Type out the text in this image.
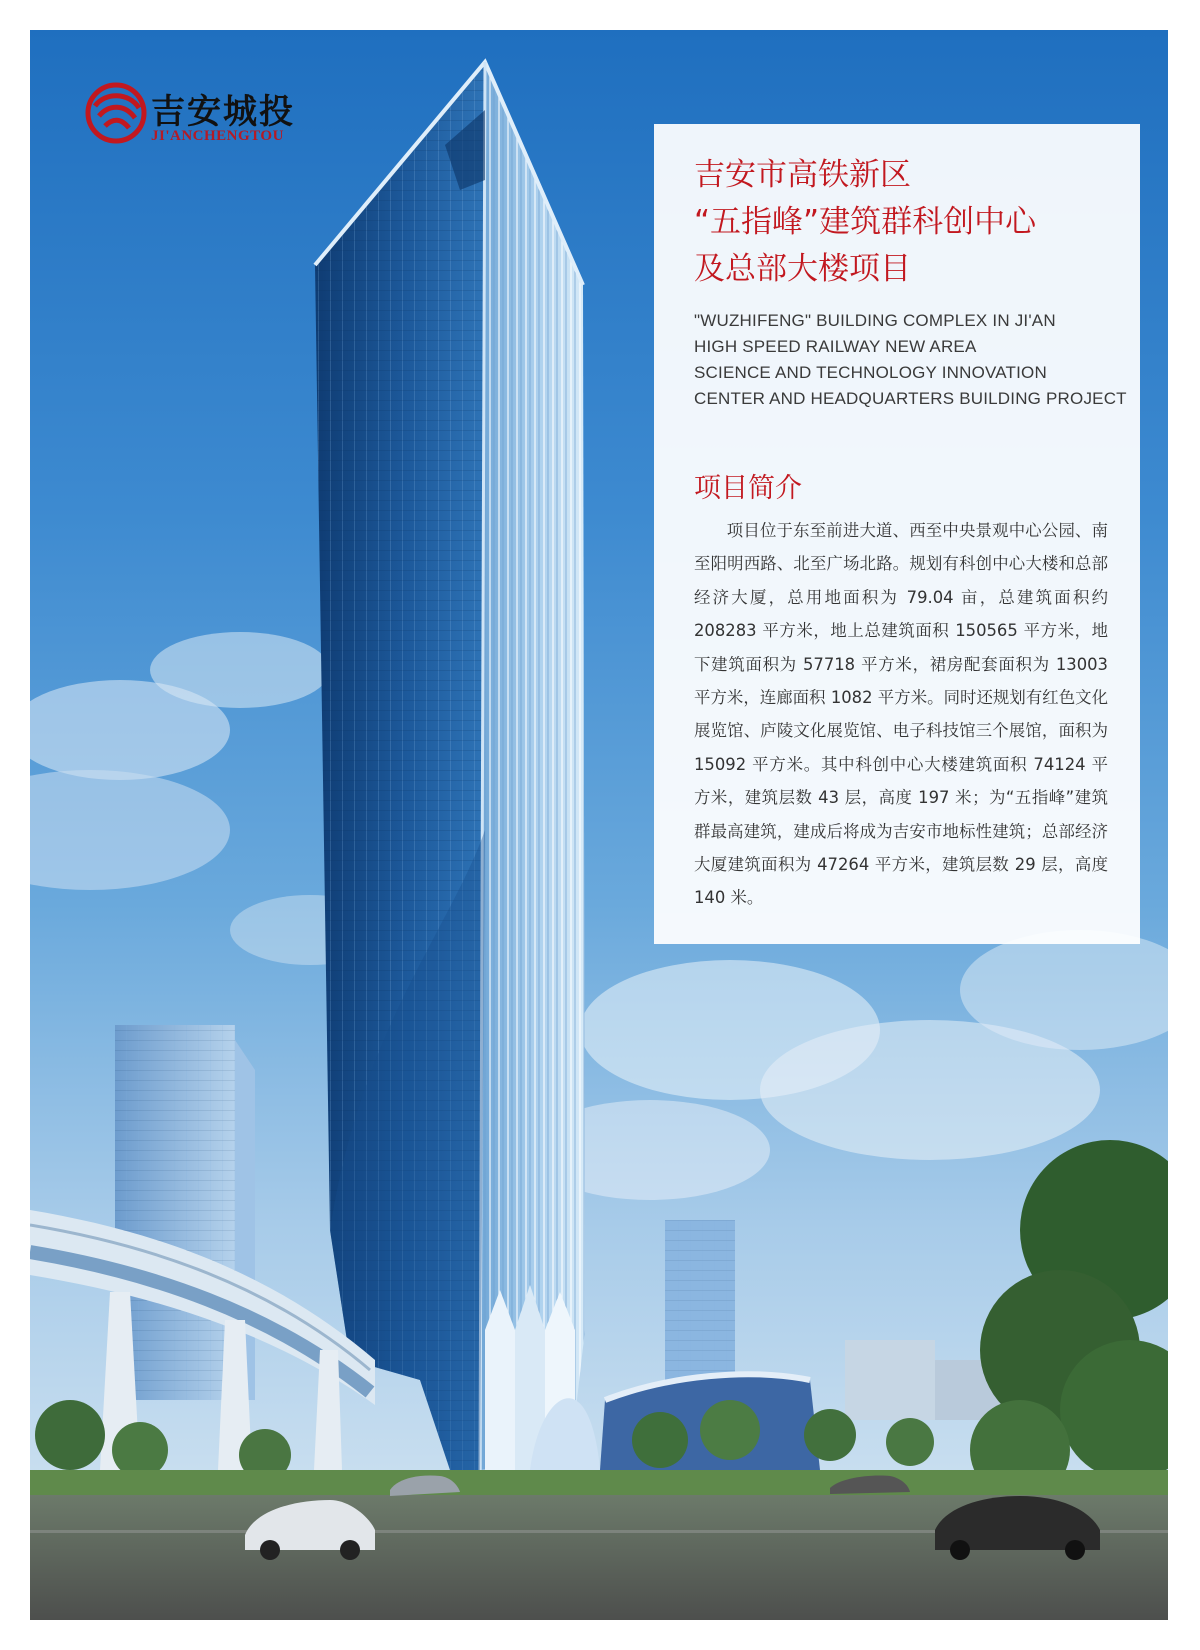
吉安城投
JI'ANCHENGTOU
吉安市高铁新区
“五指峰”建筑群科创中心
及总部大楼项目
"WUZHIFENG" BUILDING COMPLEX IN JI'AN
HIGH SPEED RAILWAY NEW AREA
SCIENCE AND TECHNOLOGY INNOVATION
CENTER AND HEADQUARTERS BUILDING PROJECT
项目简介
项目位于东至前进大道、西至中央景观中心公园、南至阳明西路、北至广场北路。规划有科创中心大楼和总部经济大厦，总用地面积为 79.04 亩，总建筑面积约 208283 平方米，地上总建筑面积 150565 平方米，地下建筑面积为 57718 平方米，裙房配套面积为 13003 平方米，连廊面积 1082 平方米。同时还规划有红色文化展览馆、庐陵文化展览馆、电子科技馆三个展馆，面积为 15092 平方米。其中科创中心大楼建筑面积 74124 平方米，建筑层数 43 层，高度 197 米；为“五指峰”建筑群最高建筑，建成后将成为吉安市地标性建筑；总部经济大厦建筑面积为 47264 平方米，建筑层数 29 层，高度 140 米。
